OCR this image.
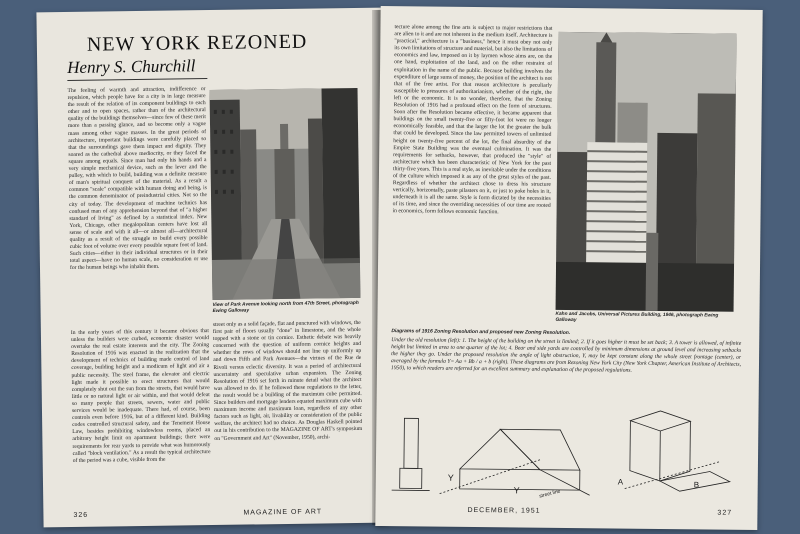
NEW YORK REZONED
Henry S. Churchill
The feeling of warmth and attraction, indifference or repulsion, which people have for a city is in large measure the result of the relation of its component buildings to each other and to open spaces, rather than of the architectural quality of the buildings themselves—since few of these merit more than a passing glance, and so become only a vague mass among other vague masses. In the great periods of architecture, important buildings were carefully placed so that the surroundings gave them impact and dignity. They soared as the cathedral above mediocrity, or they faced the square among equals. Since man had only his hands and a very simple mechanical device, such as the lever and the pulley, with which to build, building was a definite measure of man's spiritual conquest of the material. As a result a common "scale" compatible with human doing and being, is the common denominator of preindustrial cities. Not so the city of today. The development of machine technics has confused man of any apprehension beyond that of "a higher standard of living" as defined by a statistical index. New York, Chicago, other megalopolitan centers have lost all sense of scale and with it all—or almost all—architectural quality as a result of the struggle to build every possible cubic foot of volume over every possible square foot of land. Such cities—either in their individual structures or in their total aspect—have no human scale, no consideration or use for the human beings who inhabit them.
View of Park Avenue looking north from 47th Street, photograph Ewing Galloway
In the early years of this century it became obvious that unless the builders were curbed, economic disaster would overtake the real estate interests and the city. The Zoning Resolution of 1916 was enacted in the realization that the development of technics of building made control of land coverage, building height and a modicum of light and air a public necessity. The steel frame, the elevator and electric light made it possible to erect structures that would completely shut out the sun from the streets, that would have little or no natural light or air within, and that would defeat so many people that streets, sewers, water and public services would be inadequate. There had, of course, been controls even before 1916, but of a different kind. Building codes controlled structural safety, and the Tenement House Law, besides prohibiting windowless rooms, placed an arbitrary height limit on apartment buildings; there were requirements for rear yards to provide what was humorously called "block ventilation." As a result the typical architecture of the period was a cube, visible from the
street only as a solid façade, flat and punctured with windows, the first pair of floors usually "done" in limestone, and the whole topped with a stone or tin cornice. Esthetic debate was heavily concerned with the question of uniform cornice heights and whether the rows of windows should not line up uniformly up and down Fifth and Park Avenues—the virtues of the Rue de Rivoli versus eclectic diversity. It was a period of architectural uncertainty and speculative urban expansion. The Zoning Resolution of 1916 set forth in minute detail what the architect was allowed to do. If he followed these regulations to the letter, the result would be a building of the maximum cube permitted. Since builders and mortgage lenders equated maximum cube with maximum income and maximum loan, regardless of any other factors such as light, air, livability or consideration of the public welfare, the architect had no choice. As Douglas Haskell pointed out in his contribution to the MAGAZINE OF ART's symposium on "Government and Art" (November, 1950), archi-
326	MAGAZINE OF ART
tecture alone among the fine arts is subject to major restrictions that are alien to it and are not inherent in the medium itself. Architecture is "practical," architecture is a "business," hence it must obey not only its own limitations of structure and material, but also the limitations of economics and law, imposed on it by laymen whose aims are, on the one hand, exploitation of the land, and on the other restraint of exploitation in the name of the public. Because building involves the expenditure of large sums of money, the position of the architect is not that of the free artist. For that reason architecture is peculiarly susceptible to pressures of authoritarianism, whether of the right, the left or the economic. It is no wonder, therefore, that the Zoning Resolution of 1916 had a profound effect on the form of structures. Soon after the Resolution became effective, it became apparent that buildings on the small twenty-five or fifty-foot lot were no longer economically feasible, and that the larger the lot the greater the bulk that could be developed. Since the law permitted towers of unlimited height on twenty-five percent of the lot, the final absurdity of the Empire State Building was the eventual culmination. It was the requirements for setbacks, however, that produced the "style" of architecture which has been characteristic of New York for the past thirty-five years. This is a real style, as inevitable under the conditions of the culture which imposed it as any of the great styles of the past. Regardless of whether the architect chose to dress his structure vertically, horizontally, paste pilasters on it, or just to poke holes in it, underneath it is all the same. Style is form dictated by the necessities of its time, and since the overriding necessities of our time are rooted in economics, form follows economic function.
Kahn and Jacobs, Universal Pictures Building, 1946, photograph Ewing Galloway
Diagrams of 1916 Zoning Resolution and proposed new Zoning Resolution.
Under the old resolution (left): 1. The height of the building on the street is limited; 2. If it goes higher it must be set back; 3. A tower is allowed, of infinite height but limited in area to one quarter of the lot; 4. Bear and side yards are controlled by minimum dimensions at ground level and increasing setbacks the higher they go. Under the proposed resolution the angle of light obstruction, Y, may be kept constant along the whole street frontage (center), or averaged by the formula Y= Aa + Bb / a + b (right). These diagrams are from Rezoning New York City (New York Chapter, American Institute of Architects, 1950), to which readers are referred for an excellent summary and explanation of the proposed regulations.
Y
Y
A	B
street line
DECEMBER, 1951	327
